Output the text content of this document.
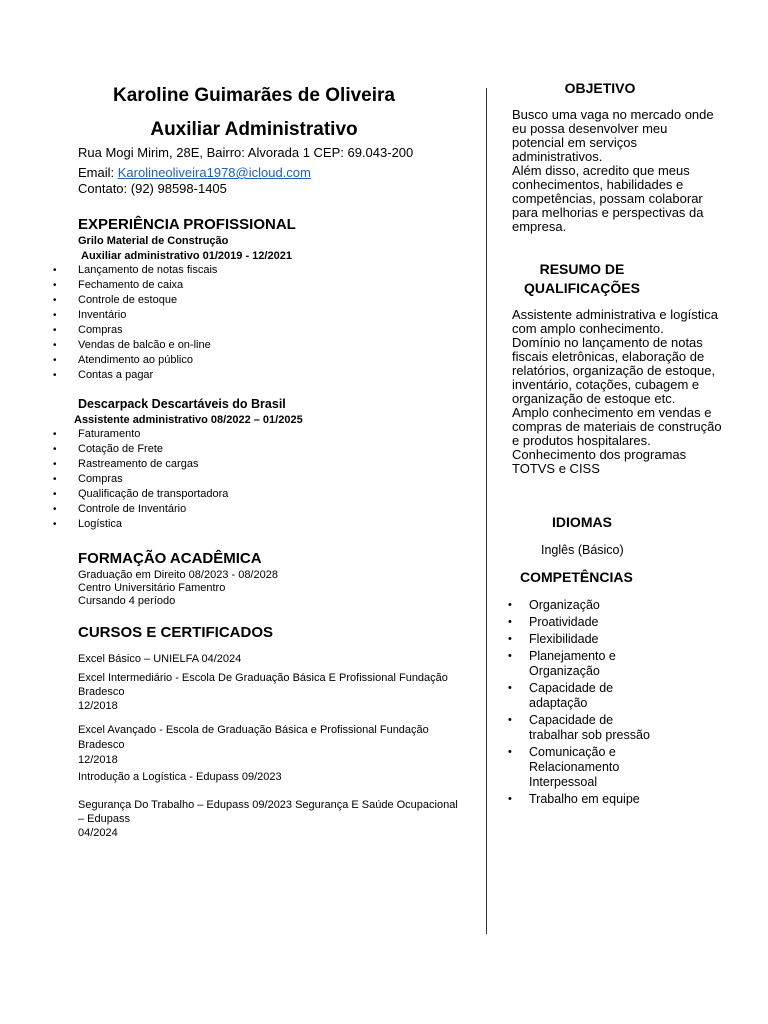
Karoline Guimarães de Oliveira
Auxiliar Administrativo
Rua Mogi Mirim, 28E, Bairro: Alvorada 1 CEP: 69.043-200
Email: Karolineoliveira1978@icloud.com
Contato: (92) 98598-1405
EXPERIÊNCIA PROFISSIONAL
Grilo Material de Construção
Auxiliar administrativo 01/2019 - 12/2021
• Lançamento de notas fiscais
• Fechamento de caixa
• Controle de estoque
• Inventário
• Compras
• Vendas de balcão e on-line
• Atendimento ao público
• Contas a pagar
Descarpack Descartáveis do Brasil
Assistente administrativo 08/2022 – 01/2025
• Faturamento
• Cotação de Frete
• Rastreamento de cargas
• Compras
• Qualificação de transportadora
• Controle de Inventário
• Logística
FORMAÇÃO ACADÊMICA
Graduação em Direito 08/2023 - 08/2028
Centro Universitário Famentro
Cursando 4 período
CURSOS E CERTIFICADOS
Excel Básico – UNIELFA 04/2024
Excel Intermediário - Escola De Graduação Básica E Profissional Fundação Bradesco
12/2018
Excel Avançado - Escola de Graduação Básica e Profissional Fundação Bradesco
12/2018
Introdução a Logística - Edupass 09/2023
Segurança Do Trabalho – Edupass 09/2023 Segurança E Saúde Ocupacional – Edupass
04/2024
OBJETIVO
Busco uma vaga no mercado onde eu possa desenvolver meu potencial em serviços administrativos.
Além disso, acredito que meus conhecimentos, habilidades e competências, possam colaborar para melhorias e perspectivas da empresa.
RESUMO DE QUALIFICAÇÕES
Assistente administrativa e logística com amplo conhecimento.
Domínio no lançamento de notas fiscais eletrônicas, elaboração de relatórios, organização de estoque, inventário, cotações, cubagem e organização de estoque etc.
Amplo conhecimento em vendas e compras de materiais de construção e produtos hospitalares.
Conhecimento dos programas TOTVS e CISS
IDIOMAS
Inglês (Básico)
COMPETÊNCIAS
• Organização
• Proatividade
• Flexibilidade
• Planejamento e Organização
• Capacidade de adaptação
• Capacidade de trabalhar sob pressão
• Comunicação e Relacionamento Interpessoal
• Trabalho em equipe
